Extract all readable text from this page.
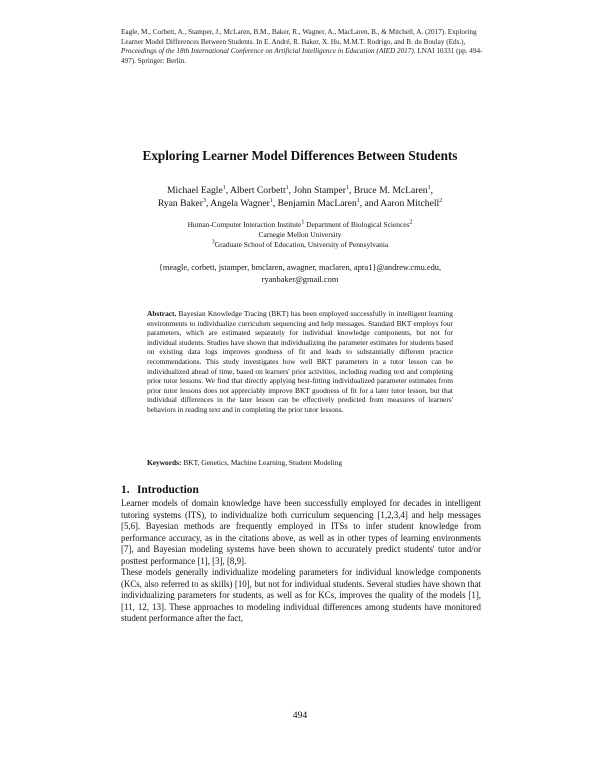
Eagle, M., Corbett, A., Stamper, J., McLaren, B.M., Baker, R., Wagner, A., MacLaren, B., & Mitchell, A. (2017). Exploring Learner Model Differences Between Students. In E. André, R. Baker, X. Hu, M.M.T. Rodrigo, and B. du Boulay (Eds.), Proceedings of the 18th International Conference on Artificial Intelligence in Education (AIED 2017). LNAI 10331 (pp. 494-497). Springer: Berlin.
Exploring Learner Model Differences Between Students
Michael Eagle$^1$, Albert Corbett$^1$, John Stamper$^1$, Bruce M. McLaren$^1$,
Ryan Baker$^3$, Angela Wagner$^1$, Benjamin MacLaren$^1$, and Aaron Mitchell$^2$
Human-Computer Interaction Institute$^1$ Department of Biological Sciences$^2$
Carnegie Mellon University
$^3$Graduate School of Education, University of Pennsylvania
{meagle, corbett, jstamper, bmclaren, awagner, maclaren, apra1}@andrew.cmu.edu,
ryanbaker@gmail.com
Abstract. Bayesian Knowledge Tracing (BKT) has been employed successfully in intelligent learning environments to individualize curriculum sequencing and help messages. Standard BKT employs four parameters, which are estimated separately for individual knowledge components, but not for individual students. Studies have shown that individualizing the parameter estimates for students based on existing data logs improves goodness of fit and leads to substantially different practice recommendations. This study investigates how well BKT parameters in a tutor lesson can be individualized ahead of time, based on learners' prior activities, including reading text and completing prior tutor lessons. We find that directly applying best-fitting individualized parameter estimates from prior tutor lessons does not appreciably improve BKT goodness of fit for a later tutor lesson, but that individual differences in the later lesson can be effectively predicted from measures of learners' behaviors in reading text and in completing the prior tutor lessons.
Keywords: BKT, Genetics, Machine Learning, Student Modeling
1. Introduction

Learner models of domain knowledge have been successfully employed for decades in intelligent tutoring systems (ITS), to individualize both curriculum sequencing [1,2,3,4] and help messages [5,6]. Bayesian methods are frequently employed in ITSs to infer student knowledge from performance accuracy, as in the citations above, as well as in other types of learning environments [7], and Bayesian modeling systems have been shown to accurately predict students' tutor and/or posttest performance [1], [3], [8,9].

These models generally individualize modeling parameters for individual knowledge components (KCs, also referred to as skills) [10], but not for individual students. Several studies have shown that individualizing parameters for students, as well as for KCs, improves the quality of the models [1], [11, 12, 13]. These approaches to modeling individual differences among students have monitored student performance after the fact,

494
